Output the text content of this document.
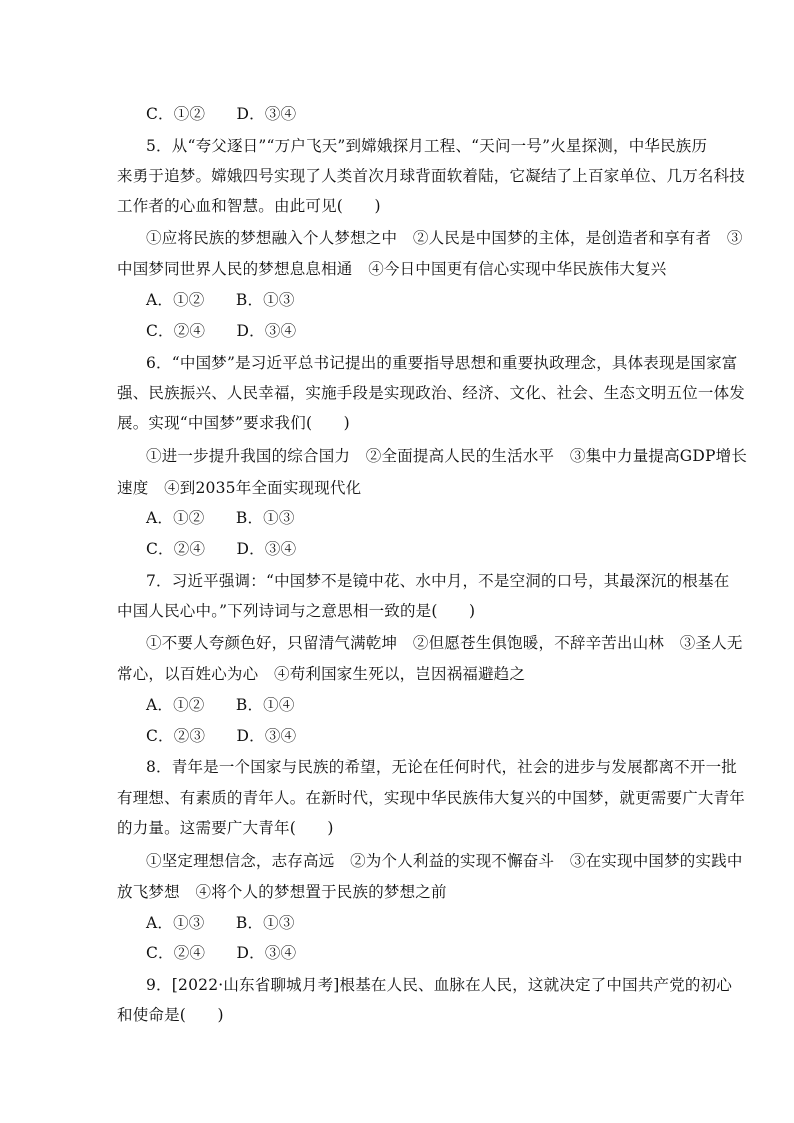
C．①②　　D．③④
5．从“夸父逐日”“万户飞天”到嫦娥探月工程、“天问一号”火星探测，中华民族历
来勇于追梦。嫦娥四号实现了人类首次月球背面软着陆，它凝结了上百家单位、几万名科技
工作者的心血和智慧。由此可见(　　)
①应将民族的梦想融入个人梦想之中　②人民是中国梦的主体，是创造者和享有者　③
中国梦同世界人民的梦想息息相通　④今日中国更有信心实现中华民族伟大复兴
A．①②　　B．①③
C．②④　　D．③④
6．“中国梦”是习近平总书记提出的重要指导思想和重要执政理念，具体表现是国家富
强、民族振兴、人民幸福，实施手段是实现政治、经济、文化、社会、生态文明五位一体发
展。实现“中国梦”要求我们(　　)
①进一步提升我国的综合国力　②全面提高人民的生活水平　③集中力量提高GDP增长
速度　④到2035年全面实现现代化
A．①②　　B．①③
C．②④　　D．③④
7．习近平强调：“中国梦不是镜中花、水中月，不是空洞的口号，其最深沉的根基在
中国人民心中。”下列诗词与之意思相一致的是(　　)
①不要人夸颜色好，只留清气满乾坤　②但愿苍生俱饱暖，不辞辛苦出山林　③圣人无
常心，以百姓心为心　④苟利国家生死以，岂因祸福避趋之
A．①②　　B．①④
C．②③　　D．③④
8．青年是一个国家与民族的希望，无论在任何时代，社会的进步与发展都离不开一批
有理想、有素质的青年人。在新时代，实现中华民族伟大复兴的中国梦，就更需要广大青年
的力量。这需要广大青年(　　)
①坚定理想信念，志存高远　②为个人利益的实现不懈奋斗　③在实现中国梦的实践中
放飞梦想　④将个人的梦想置于民族的梦想之前
A．①③　　B．①③
C．②④　　D．③④
9．[2022·山东省聊城月考]根基在人民、血脉在人民，这就决定了中国共产党的初心
和使命是(　　)
